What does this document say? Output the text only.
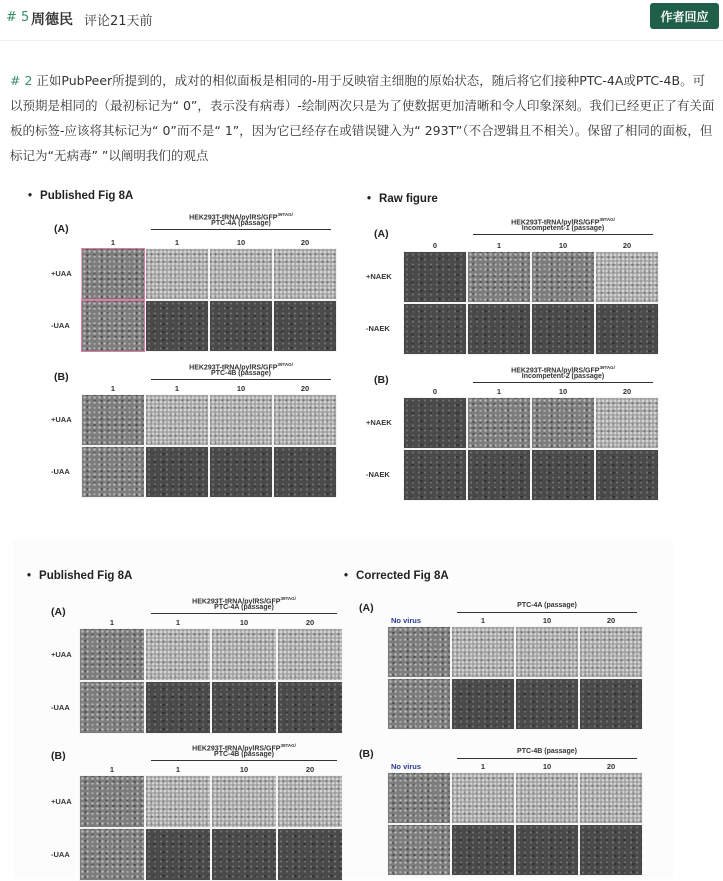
# 5 周德民 评论21天前	作者回应
# 2 正如PubPeer所提到的，成对的相似面板是相同的-用于反映宿主细胞的原始状态，随后将它们接种PTC-4A或PTC-4B。可以预期是相同的（最初标记为“ 0”，表示没有病毒）-绘制两次只是为了使数据更加清晰和令人印象深刻。我们已经更正了有关面板的标签-应该将其标记为“ 0”而不是“ 1”，因为它已经存在或错误键入为“ 293T”（不合逻辑且不相关）。保留了相同的面板，但标记为“无病毒” ”以阐明我们的观点
• Published Fig 8A	• Raw figure
(A)
$HEK293T-tRNA/pylRS/GFP^{39TAG/}$
PTC-4A (passage)
1	1	10	20
+UAA
-UAA
(B)
$HEK293T-tRNA/pylRS/GFP^{39TAG/}$
PTC-4B (passage)
1	1	10	20
+UAA
-UAA
(A)
$HEK293T-tRNA/pylRS/GFP^{39TAG/}$
Incompetent-1 (passage)
0	1	10	20
+NAEK
-NAEK
(B)
$HEK293T-tRNA/pylRS/GFP^{39TAG/}$
Incompetent-2 (passage)
0	1	10	20
+NAEK
-NAEK
• Published Fig 8A	• Corrected Fig 8A
(A)
$HEK293T-tRNA/pylRS/GFP^{39TAG/}$
PTC-4A (passage)
1	1	10	20
+UAA
-UAA
(B)
$HEK293T-tRNA/pylRS/GFP^{39TAG/}$
PTC-4B (passage)
1	1	10	20
+UAA
-UAA
(A)	PTC-4A (passage)
No virus	1	10	20
(B)	PTC-4B (passage)
No virus	1	10	20
